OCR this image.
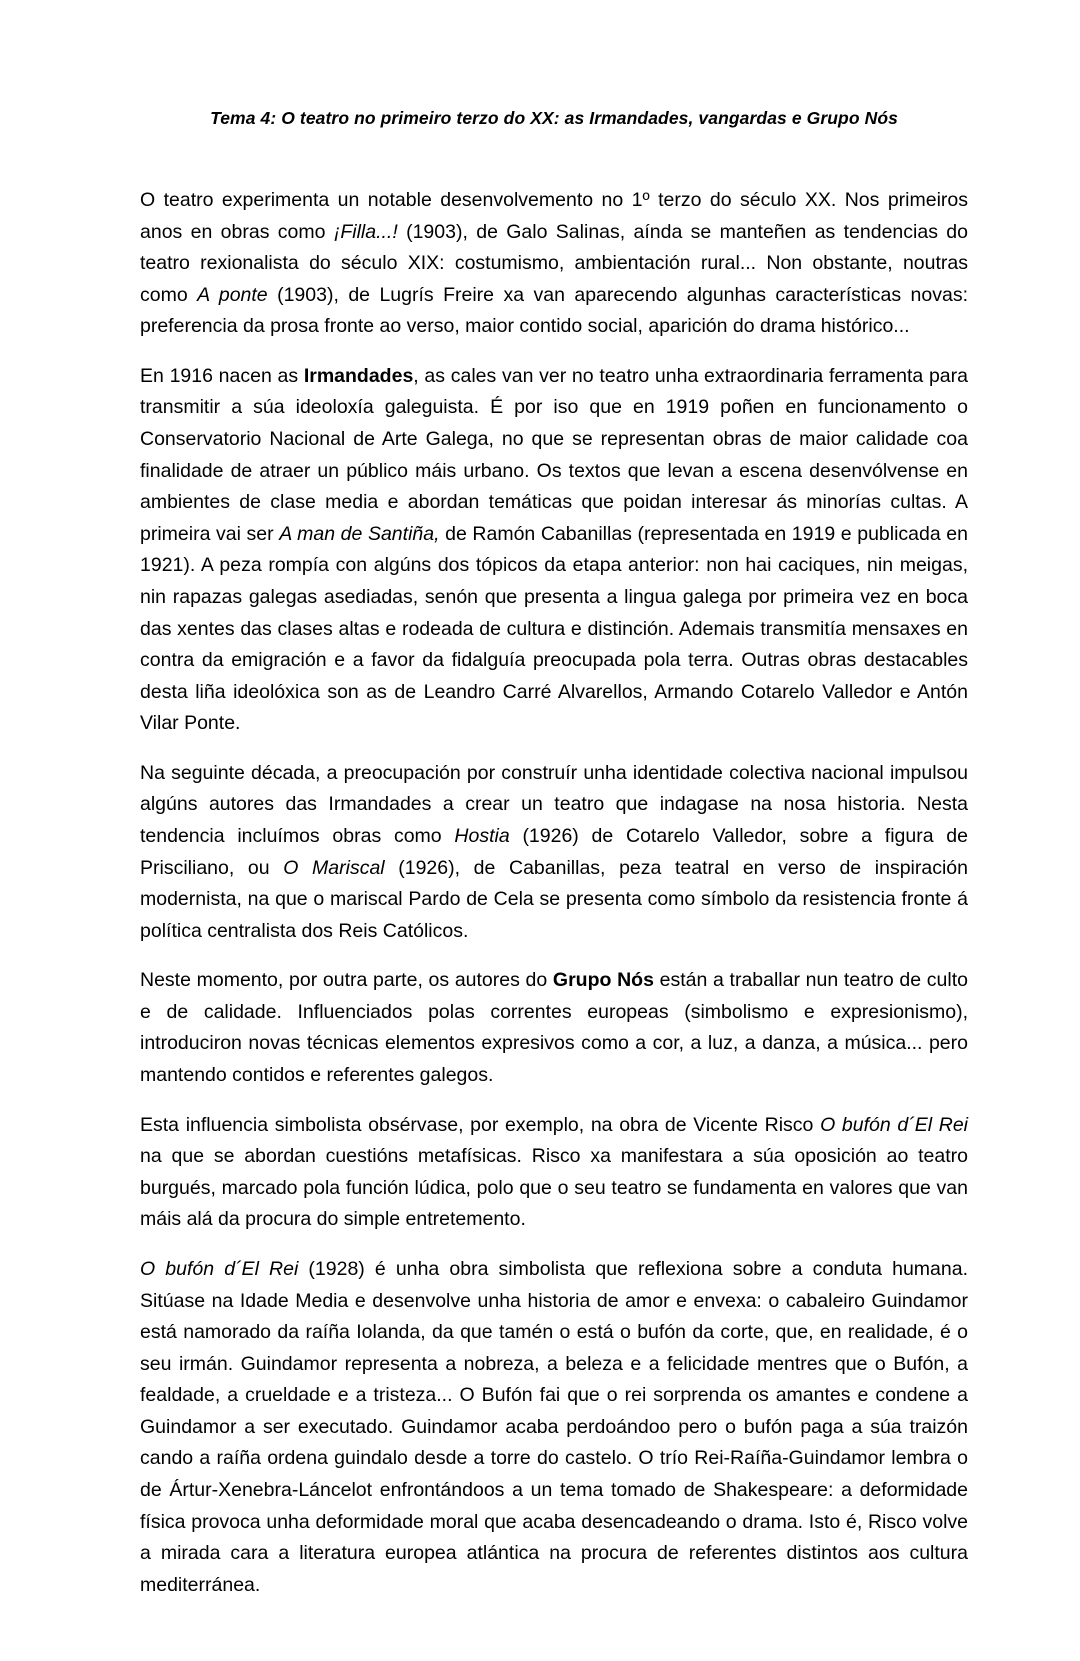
Tema 4: O teatro no primeiro terzo do XX: as Irmandades, vangardas e Grupo Nós
O teatro experimenta un notable desenvolvemento no 1º terzo do século XX. Nos primeiros anos en obras como ¡Filla...! (1903), de Galo Salinas, aínda se manteñen as tendencias do teatro rexionalista do século XIX: costumismo, ambientación rural... Non obstante, noutras como A ponte (1903), de Lugrís Freire xa van aparecendo algunhas características novas: preferencia da prosa fronte ao verso, maior contido social, aparición do drama histórico...
En 1916 nacen as Irmandades, as cales van ver no teatro unha extraordinaria ferramenta para transmitir a súa ideoloxía galeguista. É por iso que en 1919 poñen en funcionamento o Conservatorio Nacional de Arte Galega, no que se representan obras de maior calidade coa finalidade de atraer un público máis urbano. Os textos que levan a escena desenvólvense en ambientes de clase media e abordan temáticas que poidan interesar ás minorías cultas. A primeira vai ser A man de Santiña, de Ramón Cabanillas (representada en 1919 e publicada en 1921). A peza rompía con algúns dos tópicos da etapa anterior: non hai caciques, nin meigas, nin rapazas galegas asediadas, senón que presenta a lingua galega por primeira vez en boca das xentes das clases altas e rodeada de cultura e distinción. Ademais transmitía mensaxes en contra da emigración e a favor da fidalguía preocupada pola terra. Outras obras destacables desta liña ideolóxica son as de Leandro Carré Alvarellos, Armando Cotarelo Valledor e Antón Vilar Ponte.
Na seguinte década, a preocupación por construír unha identidade colectiva nacional impulsou algúns autores das Irmandades a crear un teatro que indagase na nosa historia. Nesta tendencia incluímos obras como Hostia (1926) de Cotarelo Valledor, sobre a figura de Prisciliano, ou O Mariscal (1926), de Cabanillas, peza teatral en verso de inspiración modernista, na que o mariscal Pardo de Cela se presenta como símbolo da resistencia fronte á política centralista dos Reis Católicos.
Neste momento, por outra parte, os autores do Grupo Nós están a traballar nun teatro de culto e de calidade. Influenciados polas correntes europeas (simbolismo e expresionismo), introduciron novas técnicas elementos expresivos como a cor, a luz, a danza, a música... pero mantendo contidos e referentes galegos.
Esta influencia simbolista obsérvase, por exemplo, na obra de Vicente Risco O bufón d´El Rei na que se abordan cuestións metafísicas. Risco xa manifestara a súa oposición ao teatro burgués, marcado pola función lúdica, polo que o seu teatro se fundamenta en valores que van máis alá da procura do simple entretemento.
O bufón d´El Rei (1928) é unha obra simbolista que reflexiona sobre a conduta humana. Sitúase na Idade Media e desenvolve unha historia de amor e envexa: o cabaleiro Guindamor está namorado da raíña Iolanda, da que tamén o está o bufón da corte, que, en realidade, é o seu irmán. Guindamor representa a nobreza, a beleza e a felicidade mentres que o Bufón, a fealdade, a crueldade e a tristeza... O Bufón fai que o rei sorprenda os amantes e condene a Guindamor a ser executado. Guindamor acaba perdoándoo pero o bufón paga a súa traizón cando a raíña ordena guindalo desde a torre do castelo. O trío Rei-Raíña-Guindamor lembra o de Ártur-Xenebra-Láncelot enfrontándoos a un tema tomado de Shakespeare: a deformidade física provoca unha deformidade moral que acaba desencadeando o drama. Isto é, Risco volve a mirada cara a literatura europea atlántica na procura de referentes distintos aos cultura mediterránea.
